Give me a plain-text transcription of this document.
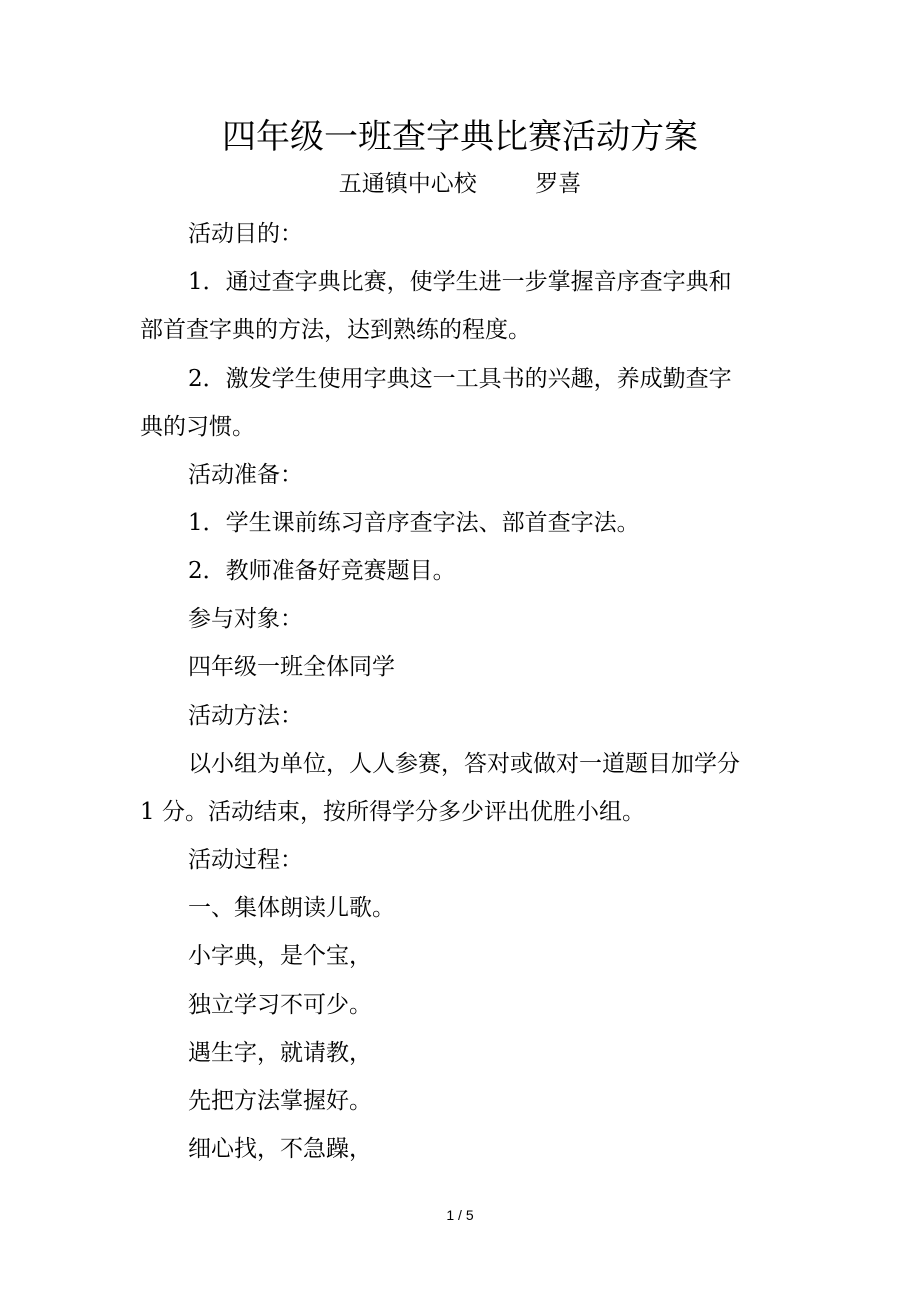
四年级一班查字典比赛活动方案
五通镇中心校        罗喜
活动目的：
1．通过查字典比赛，使学生进一步掌握音序查字典和
部首查字典的方法，达到熟练的程度。
2．激发学生使用字典这一工具书的兴趣，养成勤查字
典的习惯。
活动准备：
1．学生课前练习音序查字法、部首查字法。
2．教师准备好竞赛题目。
参与对象：
四年级一班全体同学
活动方法：
以小组为单位，人人参赛，答对或做对一道题目加学分
1 分。活动结束，按所得学分多少评出优胜小组。
活动过程：
一、集体朗读儿歌。
小字典，是个宝，
独立学习不可少。
遇生字，就请教，
先把方法掌握好。
细心找，不急躁，
1 / 5
